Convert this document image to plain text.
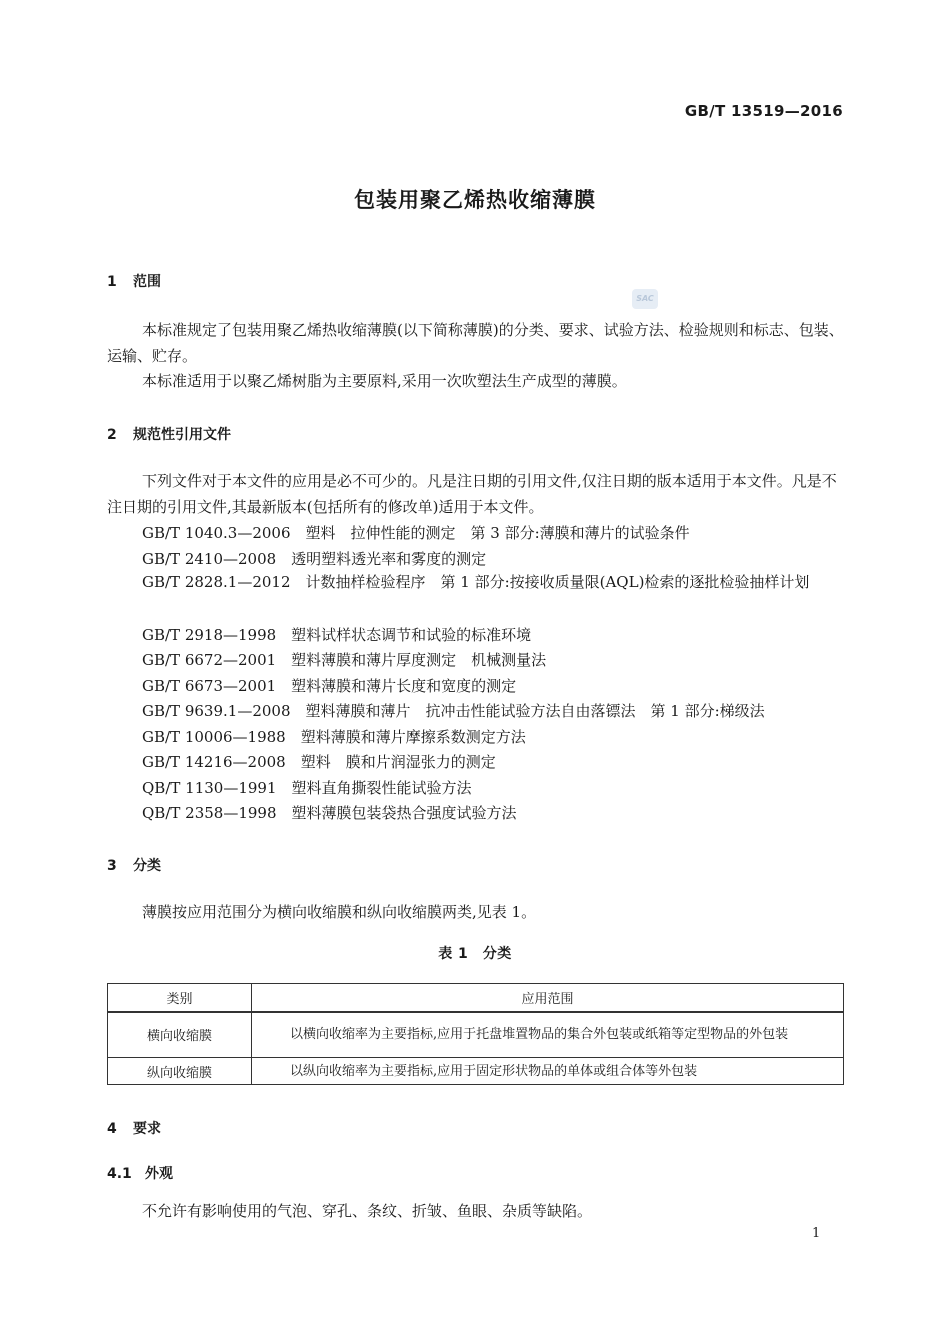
GB/T 13519—2016
包装用聚乙烯热收缩薄膜
SAC
1 范围
本标准规定了包装用聚乙烯热收缩薄膜(以下简称薄膜)的分类、要求、试验方法、检验规则和标志、包装、运输、贮存。
本标准适用于以聚乙烯树脂为主要原料,采用一次吹塑法生产成型的薄膜。
2 规范性引用文件
下列文件对于本文件的应用是必不可少的。凡是注日期的引用文件,仅注日期的版本适用于本文件。凡是不注日期的引用文件,其最新版本(包括所有的修改单)适用于本文件。
GB/T 1040.3—2006　塑料　拉伸性能的测定　第 3 部分:薄膜和薄片的试验条件
GB/T 2410—2008　透明塑料透光率和雾度的测定
GB/T 2828.1—2012　计数抽样检验程序　第 1 部分:按接收质量限(AQL)检索的逐批检验抽样计划
GB/T 2918—1998　塑料试样状态调节和试验的标准环境
GB/T 6672—2001　塑料薄膜和薄片厚度测定　机械测量法
GB/T 6673—2001　塑料薄膜和薄片长度和宽度的测定
GB/T 9639.1—2008　塑料薄膜和薄片　抗冲击性能试验方法自由落镖法　第 1 部分:梯级法
GB/T 10006—1988　塑料薄膜和薄片摩擦系数测定方法
GB/T 14216—2008　塑料　膜和片润湿张力的测定
QB/T 1130—1991　塑料直角撕裂性能试验方法
QB/T 2358—1998　塑料薄膜包装袋热合强度试验方法
3 分类
薄膜按应用范围分为横向收缩膜和纵向收缩膜两类,见表 1。
表 1　分类
类别	应用范围
横向收缩膜	以横向收缩率为主要指标,应用于托盘堆置物品的集合外包装或纸箱等定型物品的外包装

纵向收缩膜	以纵向收缩率为主要指标,应用于固定形状物品的单体或组合体等外包装
4 要求
4.1 外观
不允许有影响使用的气泡、穿孔、条纹、折皱、鱼眼、杂质等缺陷。
1
